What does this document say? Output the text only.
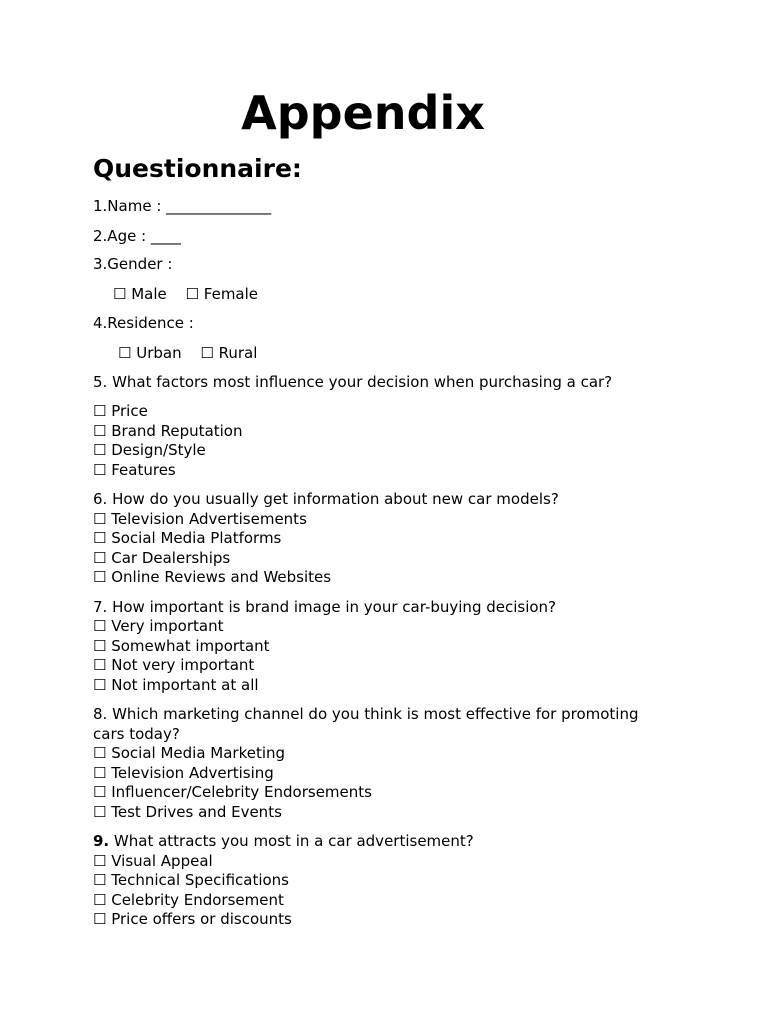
Appendix
Questionnaire:
1.Name : ______________
2.Age : ____
3.Gender :
☐ Male ☐ Female
4.Residence :
☐ Urban ☐ Rural
5. What factors most influence your decision when purchasing a car?
☐ Price
☐ Brand Reputation
☐ Design/Style
☐ Features
6. How do you usually get information about new car models?
☐ Television Advertisements
☐ Social Media Platforms
☐ Car Dealerships
☐ Online Reviews and Websites
7. How important is brand image in your car-buying decision?
☐ Very important
☐ Somewhat important
☐ Not very important
☐ Not important at all
8. Which marketing channel do you think is most effective for promoting
cars today?
☐ Social Media Marketing
☐ Television Advertising
☐ Influencer/Celebrity Endorsements
☐ Test Drives and Events
9. What attracts you most in a car advertisement?
☐ Visual Appeal
☐ Technical Specifications
☐ Celebrity Endorsement
☐ Price offers or discounts
